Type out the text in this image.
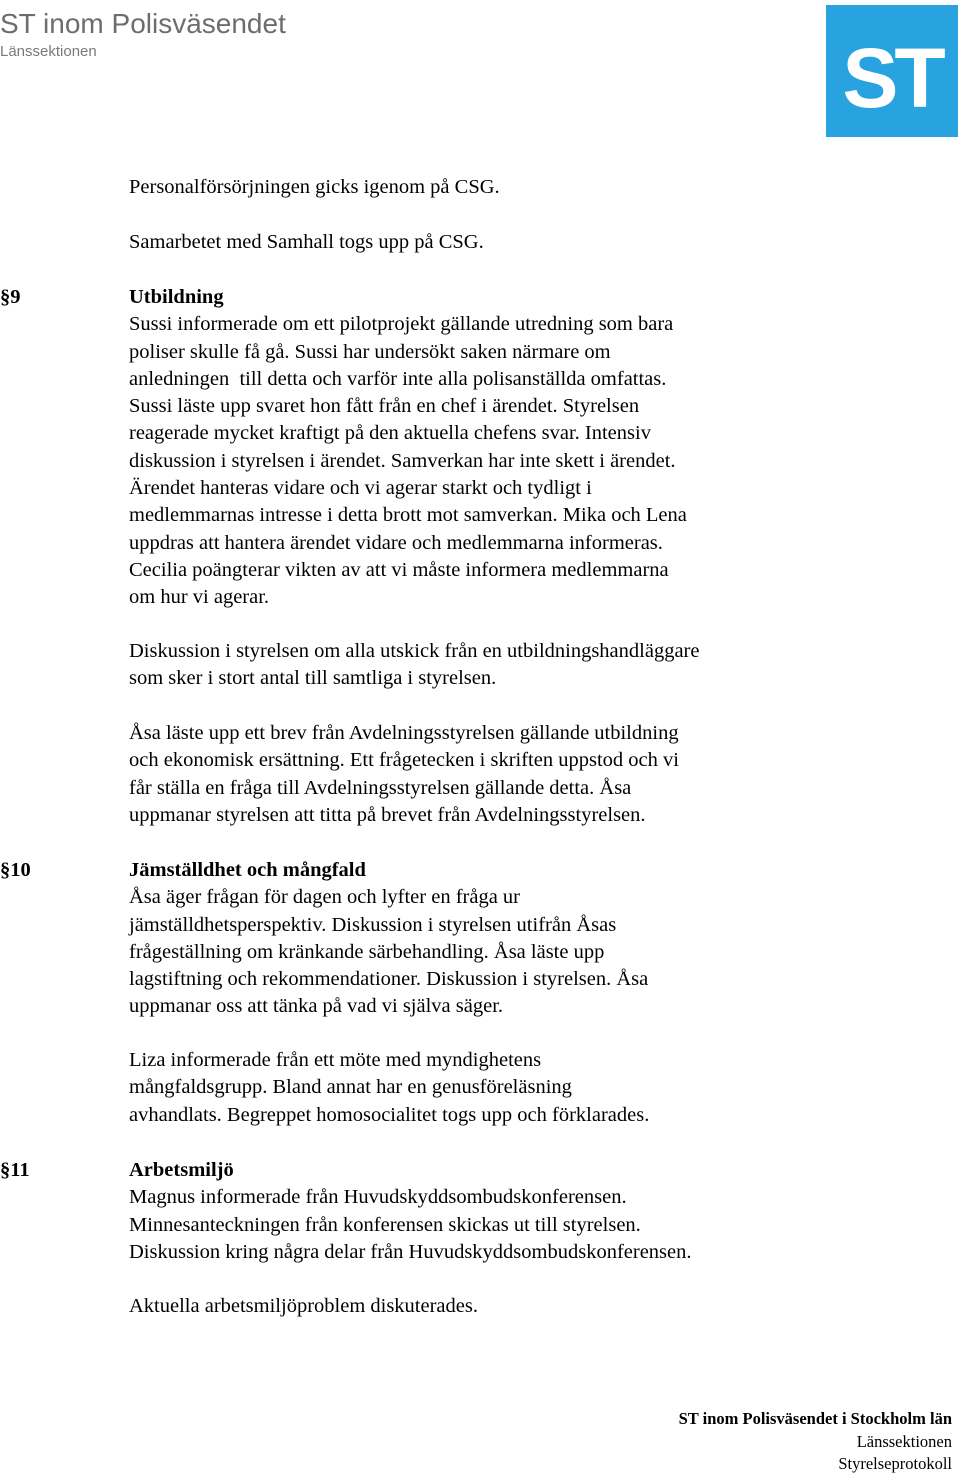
ST inom Polisväsendet
Länssektionen	ST
Personalförsörjningen gicks igenom på CSG.
Samarbetet med Samhall togs upp på CSG.
§9	Utbildning
Sussi informerade om ett pilotprojekt gällande utredning som bara
poliser skulle få gå. Sussi har undersökt saken närmare om
anledningen  till detta och varför inte alla polisanställda omfattas.
Sussi läste upp svaret hon fått från en chef i ärendet. Styrelsen
reagerade mycket kraftigt på den aktuella chefens svar. Intensiv
diskussion i styrelsen i ärendet. Samverkan har inte skett i ärendet.
Ärendet hanteras vidare och vi agerar starkt och tydligt i
medlemmarnas intresse i detta brott mot samverkan. Mika och Lena
uppdras att hantera ärendet vidare och medlemmarna informeras.
Cecilia poängterar vikten av att vi måste informera medlemmarna
om hur vi agerar.
Diskussion i styrelsen om alla utskick från en utbildningshandläggare
som sker i stort antal till samtliga i styrelsen.
Åsa läste upp ett brev från Avdelningsstyrelsen gällande utbildning
och ekonomisk ersättning. Ett frågetecken i skriften uppstod och vi
får ställa en fråga till Avdelningsstyrelsen gällande detta. Åsa
uppmanar styrelsen att titta på brevet från Avdelningsstyrelsen.
§10	Jämställdhet och mångfald
Åsa äger frågan för dagen och lyfter en fråga ur
jämställdhetsperspektiv. Diskussion i styrelsen utifrån Åsas
frågeställning om kränkande särbehandling. Åsa läste upp
lagstiftning och rekommendationer. Diskussion i styrelsen. Åsa
uppmanar oss att tänka på vad vi själva säger.
Liza informerade från ett möte med myndighetens
mångfaldsgrupp. Bland annat har en genusföreläsning
avhandlats. Begreppet homosocialitet togs upp och förklarades.
§11	Arbetsmiljö
Magnus informerade från Huvudskyddsombudskonferensen.
Minnesanteckningen från konferensen skickas ut till styrelsen.
Diskussion kring några delar från Huvudskyddsombudskonferensen.
Aktuella arbetsmiljöproblem diskuterades.
ST inom Polisväsendet i Stockholm län
Länssektionen
Styrelseprotokoll
